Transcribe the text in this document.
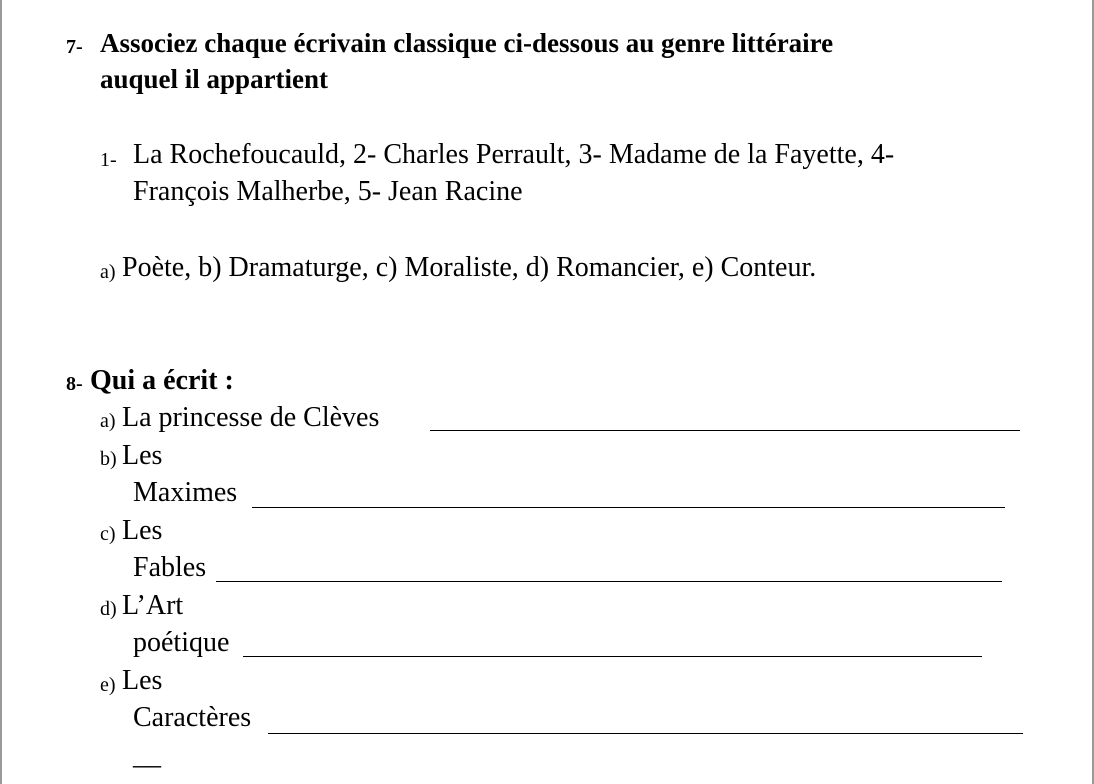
7- Associez chaque écrivain classique ci-dessous au genre littéraire
auquel il appartient
1- La Rochefoucauld, 2- Charles Perrault, 3- Madame de la Fayette, 4-
François Malherbe, 5- Jean Racine
a) Poète, b) Dramaturge, c) Moraliste, d) Romancier, e) Conteur.
8- Qui a écrit :
a) La princesse de Clèves
b) Les
Maximes
c) Les
Fables
d) L’Art
poétique
e) Les
Caractères
__
